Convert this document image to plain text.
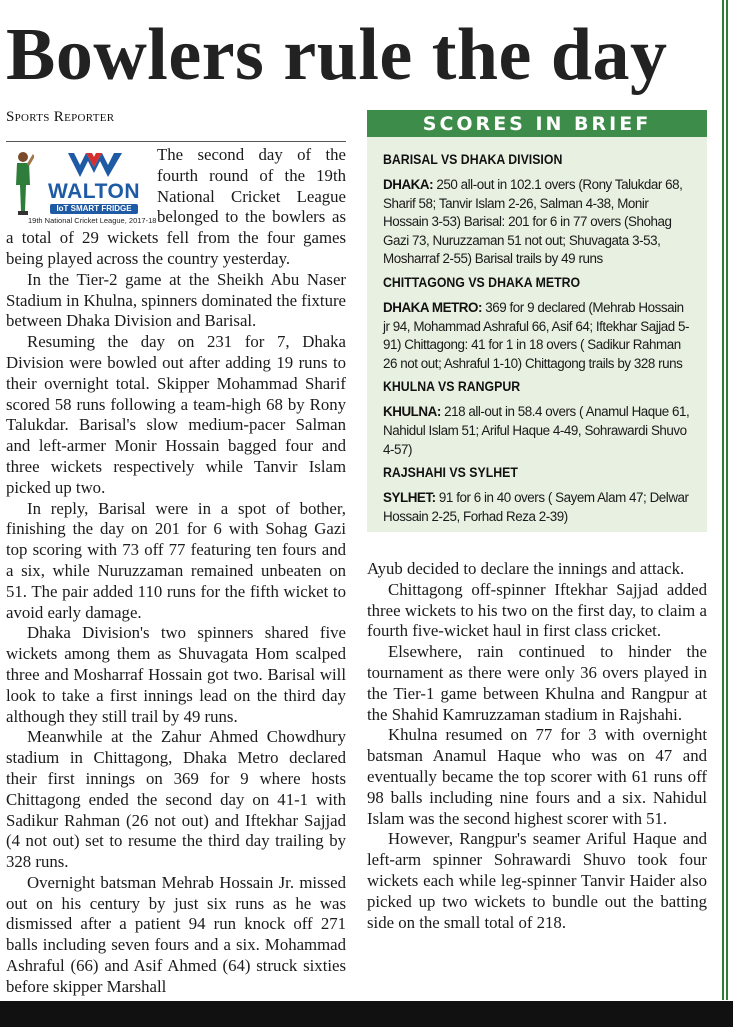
Bowlers rule the day
Sports Reporter
WALTON
IoT SMART FRIDGE
19th National Cricket League, 2017-18

The second day of the fourth round of the 19th National Cricket League belonged to the bowlers as a total of 29 wickets fell from the four games being played across the country yesterday.

In the Tier-2 game at the Sheikh Abu Naser Stadium in Khulna, spinners dominated the fixture between Dhaka Division and Barisal.

Resuming the day on 231 for 7, Dhaka Division were bowled out after adding 19 runs to their overnight total. Skipper Mohammad Sharif scored 58 runs following a team-high 68 by Rony Talukdar. Barisal's slow medium-pacer Salman and left-armer Monir Hossain bagged four and three wickets respectively while Tanvir Islam picked up two.

In reply, Barisal were in a spot of bother, finishing the day on 201 for 6 with Sohag Gazi top scoring with 73 off 77 featuring ten fours and a six, while Nuruzzaman remained unbeaten on 51. The pair added 110 runs for the fifth wicket to avoid early damage.

Dhaka Division's two spinners shared five wickets among them as Shuvagata Hom scalped three and Mosharraf Hossain got two. Barisal will look to take a first innings lead on the third day although they still trail by 49 runs.

Meanwhile at the Zahur Ahmed Chowdhury stadium in Chittagong, Dhaka Metro declared their first innings on 369 for 9 where hosts Chittagong ended the second day on 41-1 with Sadikur Rahman (26 not out) and Iftekhar Sajjad (4 not out) set to resume the third day trailing by 328 runs.

Overnight batsman Mehrab Hossain Jr. missed out on his century by just six runs as he was dismissed after a patient 94 run knock off 271 balls including seven fours and a six. Mohammad Ashraful (66) and Asif Ahmed (64) struck sixties before skipper Marshall

SCORES IN BRIEF
BARISAL VS DHAKA DIVISION

DHAKA: 250 all-out in 102.1 overs (Rony Talukdar 68, Sharif 58; Tanvir Islam 2-26, Salman 4-38, Monir Hossain 3-53) Barisal: 201 for 6 in 77 overs (Shohag Gazi 73, Nuruzzaman 51 not out; Shuvagata 3-53, Mosharraf 2-55) Barisal trails by 49 runs

CHITTAGONG VS DHAKA METRO

DHAKA METRO: 369 for 9 declared (Mehrab Hossain jr 94, Mohammad Ashraful 66, Asif 64; Iftekhar Sajjad 5-91) Chittagong: 41 for 1 in 18 overs ( Sadikur Rahman 26 not out; Ashraful 1-10) Chittagong trails by 328 runs

KHULNA VS RANGPUR

KHULNA: 218 all-out in 58.4 overs ( Anamul Haque 61, Nahidul Islam 51; Ariful Haque 4-49, Sohrawardi Shuvo 4-57)

RAJSHAHI VS SYLHET

SYLHET: 91 for 6 in 40 overs ( Sayem Alam 47; Delwar Hossain 2-25, Forhad Reza 2-39)

Ayub decided to declare the innings and attack.

Chittagong off-spinner Iftekhar Sajjad added three wickets to his two on the first day, to claim a fourth five-wicket haul in first class cricket.

Elsewhere, rain continued to hinder the tournament as there were only 36 overs played in the Tier-1 game between Khulna and Rangpur at the Shahid Kamruzzaman stadium in Rajshahi.

Khulna resumed on 77 for 3 with overnight batsman Anamul Haque who was on 47 and eventually became the top scorer with 61 runs off 98 balls including nine fours and a six. Nahidul Islam was the second highest scorer with 51.

However, Rangpur's seamer Ariful Haque and left-arm spinner Sohrawardi Shuvo took four wickets each while leg-spinner Tanvir Haider also picked up two wickets to bundle out the batting side on the small total of 218.
